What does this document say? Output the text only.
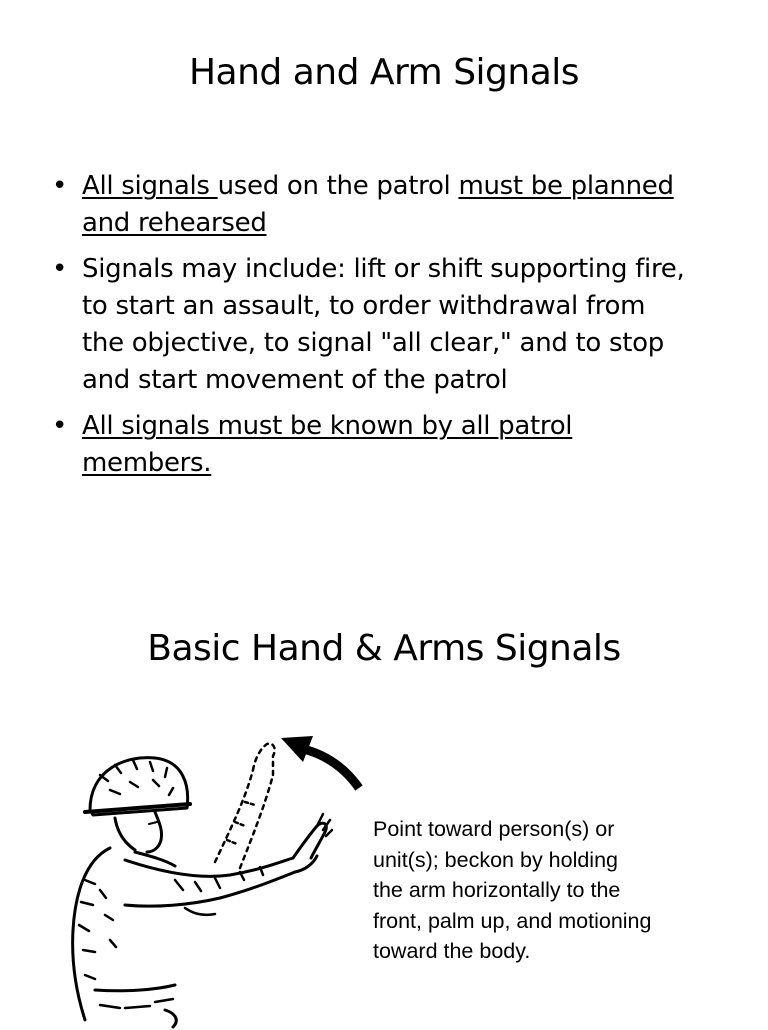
Hand and Arm Signals
• All signals used on the patrol must be planned and rehearsed
• Signals may include: lift or shift supporting fire, to start an assault, to order withdrawal from the objective, to signal "all clear," and to stop and start movement of the patrol
• All signals must be known by all patrol members.
Basic Hand & Arms Signals
Point toward person(s) or
unit(s); beckon by holding
the arm horizontally to the
front, palm up, and motioning
toward the body.
